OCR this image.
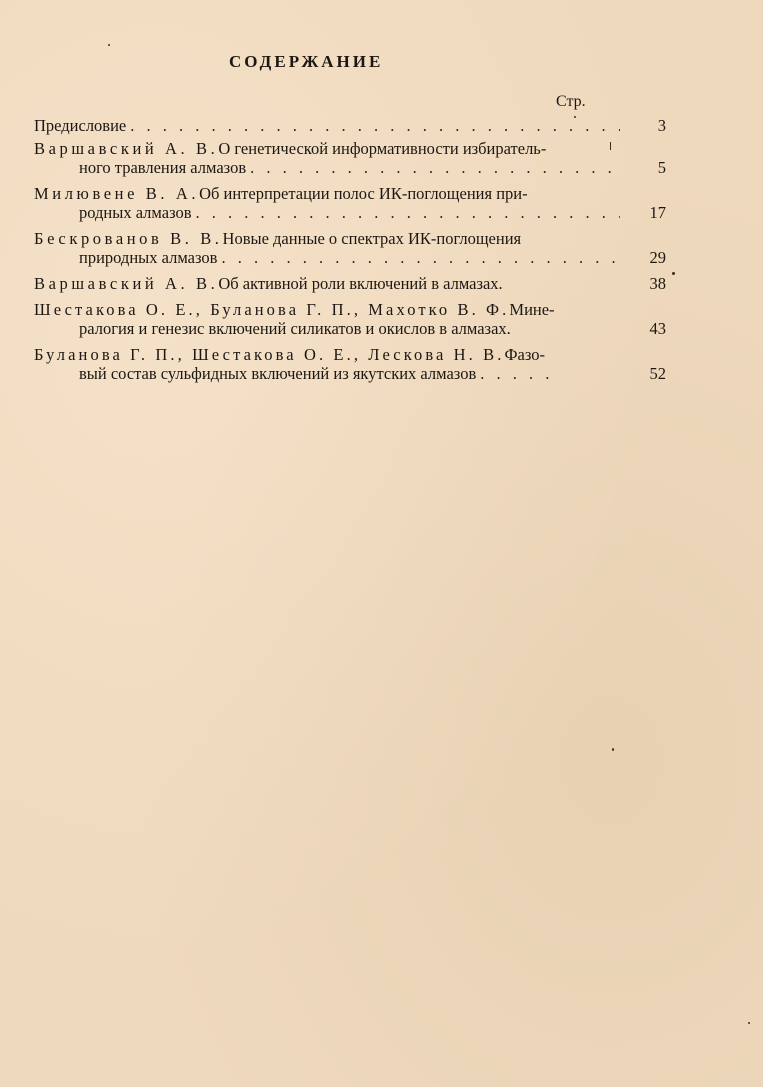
СОДЕРЖАНИЕ
Стр.
Предисловие . . .	3
Варшавский А. В. О генетической информативности избиратель-
ного травления алмазов . . .	5
Милювене В. А. Об интерпретации полос ИК-поглощения при-
родных алмазов . . .	17
Бескрованов В. В. Новые данные о спектрах ИК-поглощения
природных алмазов . . .	29
Варшавский А. В. Об активной роли включений в алмазах.	38
Шестакова О. Е., Буланова Г. П., Махотко В. Ф. Мине-
ралогия и генезис включений силикатов и окислов в алмазах.	43
Буланова Г. П., Шестакова О. Е., Лескова Н. В. Фазо-
вый состав сульфидных включений из якутских алмазов . . .	52
